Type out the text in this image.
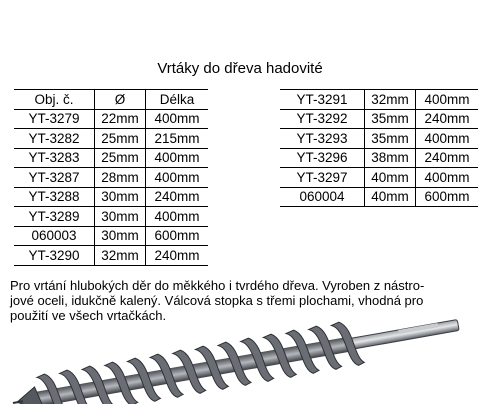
Vrtáky do dřeva hadovité
Obj. č.	Ø	Délka
YT-3279	22mm	400mm
YT-3282	25mm	215mm
YT-3283	25mm	400mm
YT-3287	28mm	400mm
YT-3288	30mm	240mm
YT-3289	30mm	400mm
060003	30mm	600mm
YT-3290	32mm	240mm
YT-3291	32mm	400mm
YT-3292	35mm	240mm
YT-3293	35mm	400mm
YT-3296	38mm	240mm
YT-3297	40mm	400mm
060004	40mm	600mm
Pro vrtání hlubokých děr do měkkého i tvrdého dřeva. Vyroben z nástro-
jové oceli, idukčně kalený. Válcová stopka s třemi plochami, vhodná pro
použití ve všech vrtačkách.
